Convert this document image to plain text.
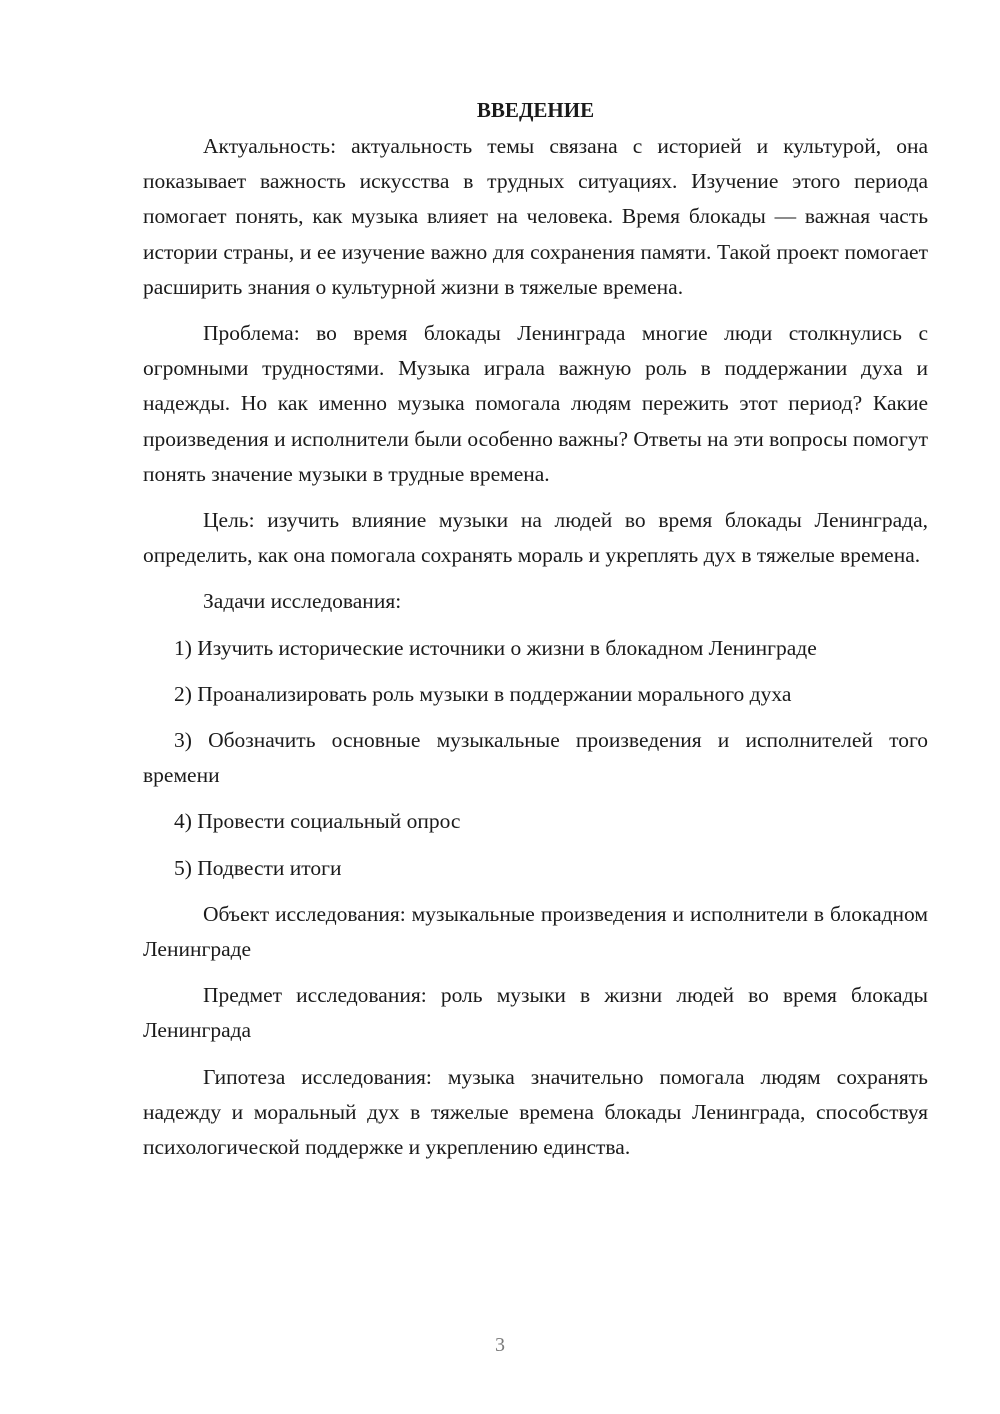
ВВЕДЕНИЕ

Актуальность: актуальность темы связана с историей и культурой, она показывает важность искусства в трудных ситуациях. Изучение этого периода помогает понять, как музыка влияет на человека. Время блокады — важная часть истории страны, и ее изучение важно для сохранения памяти. Такой проект помогает расширить знания о культурной жизни в тяжелые времена.

Проблема: во время блокады Ленинграда многие люди столкнулись с огромными трудностями. Музыка играла важную роль в поддержании духа и надежды. Но как именно музыка помогала людям пережить этот период? Какие произведения и исполнители были особенно важны? Ответы на эти вопросы помогут понять значение музыки в трудные времена.

Цель: изучить влияние музыки на людей во время блокады Ленинграда, определить, как она помогала сохранять мораль и укреплять дух в тяжелые времена.

Задачи исследования:

1) Изучить исторические источники о жизни в блокадном Ленинграде

2) Проанализировать роль музыки в поддержании морального духа

3) Обозначить основные музыкальные произведения и исполнителей того времени

4) Провести социальный опрос

5) Подвести итоги

Объект исследования: музыкальные произведения и исполнители в блокадном Ленинграде

Предмет исследования: роль музыки в жизни людей во время блокады Ленинграда

Гипотеза исследования: музыка значительно помогала людям сохранять надежду и моральный дух в тяжелые времена блокады Ленинграда, способствуя психологической поддержке и укреплению единства.

3
